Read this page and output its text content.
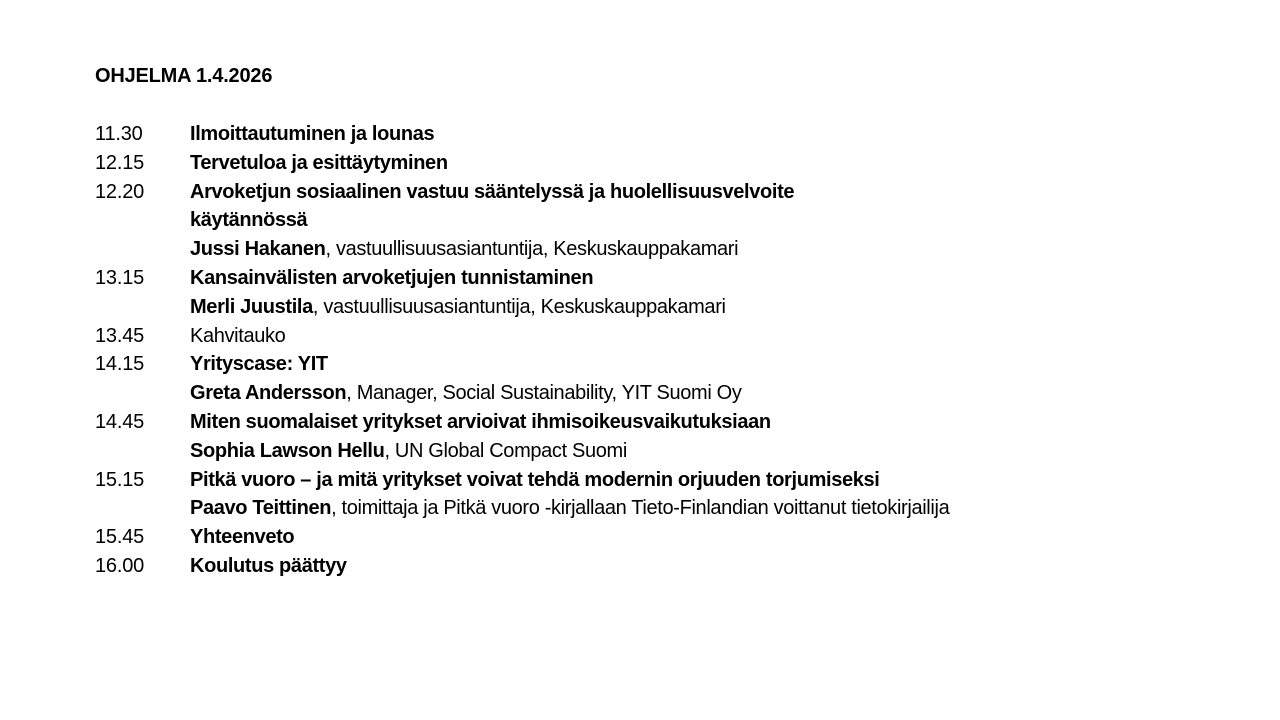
OHJELMA 1.4.2026
11.30	Ilmoittautuminen ja lounas
12.15	Tervetuloa ja esittäytyminen
12.20	Arvoketjun sosiaalinen vastuu sääntelyssä ja huolellisuusvelvoite käytännössä
Jussi Hakanen, vastuullisuusasiantuntija, Keskuskauppakamari
13.15	Kansainvälisten arvoketjujen tunnistaminen
Merli Juustila, vastuullisuusasiantuntija, Keskuskauppakamari
13.45	Kahvitauko
14.15	Yrityscase: YIT
Greta Andersson, Manager, Social Sustainability, YIT Suomi Oy
14.45	Miten suomalaiset yritykset arvioivat ihmisoikeusvaikutuksiaan
Sophia Lawson Hellu, UN Global Compact Suomi
15.15	Pitkä vuoro – ja mitä yritykset voivat tehdä modernin orjuuden torjumiseksi
Paavo Teittinen, toimittaja ja Pitkä vuoro -kirjallaan Tieto-Finlandian voittanut tietokirjailija
15.45	Yhteenveto
16.00	Koulutus päättyy
